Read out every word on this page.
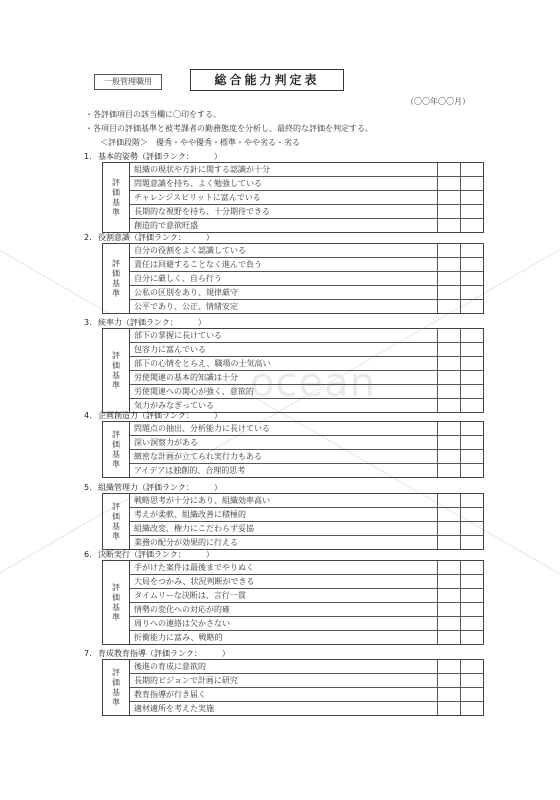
ocean
一般管理職用	総合能力判定表
（〇〇年〇〇月）
・各評価項目の該当欄に〇印をする。
・各項目の評価基準と被考課者の勤務態度を分析し、最終的な評価を判定する。
＜評価段階＞　優秀・やや優秀・標準・やや劣る・劣る
1. 基本的姿勢（評価ランク：　　　）
評価基準
組織の現状や方針に関する認識が十分
問題意識を持ち、よく勉強している
チャレンジスピリットに富んでいる
長期的な視野を持ち、十分期待できる
創造的で意欲旺盛
2. 役割意識（評価ランク：　　　）
評価基準
自分の役割をよく認識している
責任は回避することなく進んで負う
自分に厳しく、自ら行う
公私の区別をあり、規律厳守
公平であり、公正、情緒安定
3. 統率力（評価ランク：　　　）
評価基準
部下の掌握に長けている
包容力に富んでいる
部下の心情をとらえ、職場の士気高い
労使関連の基本的知識は十分
労使関連への関心が強く、意欲的
気力がみなぎっている
4. 企画創造力（評価ランク：　　　）
評価基準
問題点の抽出、分析能力に長けている
深い洞察力がある
緻密な計画が立てられ実行力もある
アイデアは独創的、合理的思考
5. 組織管理力（評価ランク：　　　）
評価基準
戦略思考が十分にあり、組織効率高い
考えが柔軟、組織改善に積極的
組織改変、権力にこだわらず妥協
業務の配分が効果的に行える
6. 決断実行（評価ランク：　　　）
評価基準
手がけた案件は最後までやりぬく
大局をつかみ、状況判断ができる
タイムリーな決断は、言行一貫
情勢の変化への対応が的確
周りへの連絡は欠かさない
折衝能力に富み、戦略的
7. 育成教育指導（評価ランク：　　　）
評価基準
後進の育成に意欲的
長期的ビジョンで計画に研究
教育指導が行き届く
適材適所を考えた実施
